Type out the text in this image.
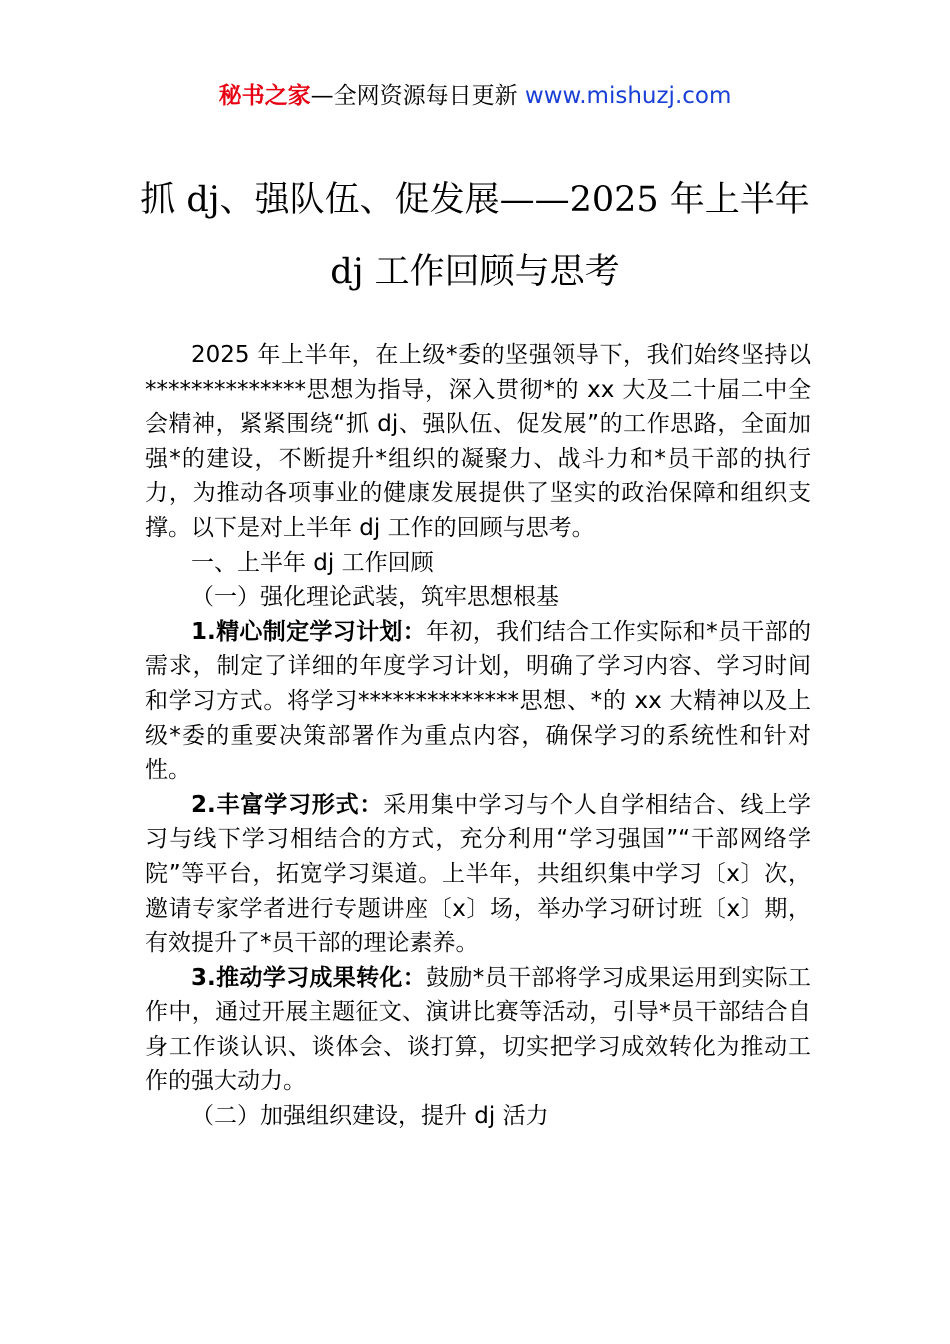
秘书之家—全网资源每日更新 www.mishuzj.com
抓 dj、强队伍、促发展——2025 年上半年
dj 工作回顾与思考

2025 年上半年，在上级*委的坚强领导下，我们始终坚持以**************思想为指导，深入贯彻*的 xx 大及二十届二中全会精神，紧紧围绕“抓 dj、强队伍、促发展”的工作思路，全面加强*的建设，不断提升*组织的凝聚力、战斗力和*员干部的执行力，为推动各项事业的健康发展提供了坚实的政治保障和组织支撑。以下是对上半年 dj 工作的回顾与思考。

一、上半年 dj 工作回顾

（一）强化理论武装，筑牢思想根基

1.精心制定学习计划：年初，我们结合工作实际和*员干部的需求，制定了详细的年度学习计划，明确了学习内容、学习时间和学习方式。将学习**************思想、*的 xx 大精神以及上级*委的重要决策部署作为重点内容，确保学习的系统性和针对性。

2.丰富学习形式：采用集中学习与个人自学相结合、线上学习与线下学习相结合的方式，充分利用“学习强国”“干部网络学院”等平台，拓宽学习渠道。上半年，共组织集中学习〔x〕次，邀请专家学者进行专题讲座〔x〕场，举办学习研讨班〔x〕期，有效提升了*员干部的理论素养。

3.推动学习成果转化：鼓励*员干部将学习成果运用到实际工作中，通过开展主题征文、演讲比赛等活动，引导*员干部结合自身工作谈认识、谈体会、谈打算，切实把学习成效转化为推动工作的强大动力。

（二）加强组织建设，提升 dj 活力
